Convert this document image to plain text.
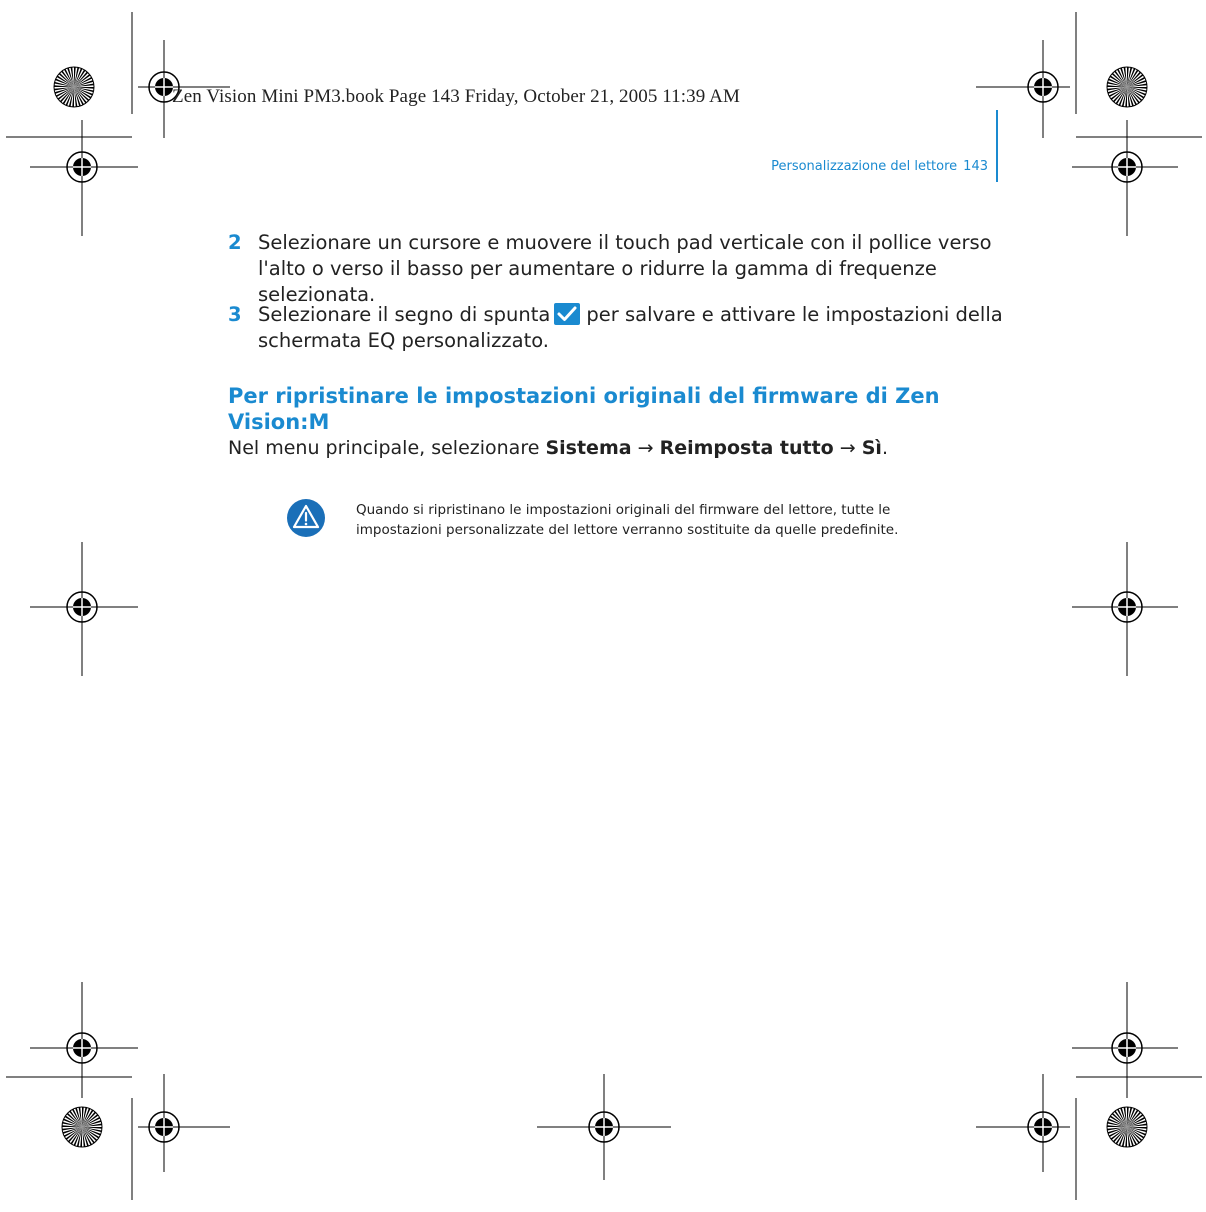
Zen Vision Mini PM3.book Page 143 Friday, October 21, 2005 11:39 AM
Personalizzazione del lettore 143
2 Selezionare un cursore e muovere il touch pad verticale con il pollice verso l'alto o verso il basso per aumentare o ridurre la gamma di frequenze selezionata.
3 Selezionare il segno di spunta per salvare e attivare le impostazioni della schermata EQ personalizzato.
Per ripristinare le impostazioni originali del firmware di Zen Vision:M
Nel menu principale, selezionare Sistema → Reimposta tutto → Sì.
Quando si ripristinano le impostazioni originali del firmware del lettore, tutte le impostazioni personalizzate del lettore verranno sostituite da quelle predefinite.
